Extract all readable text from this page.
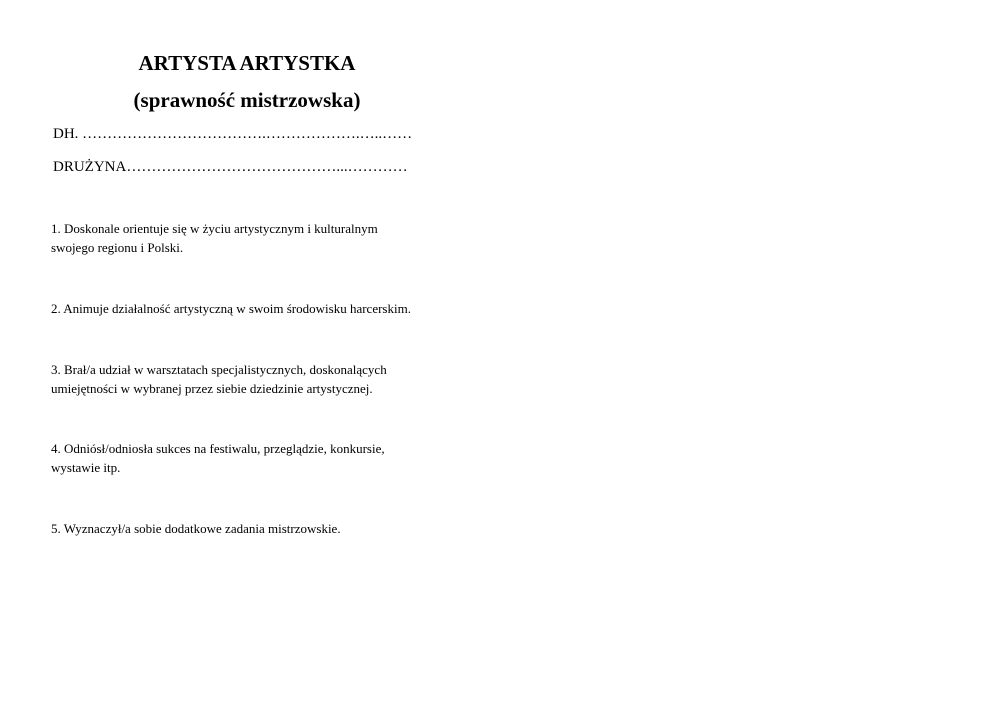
ARTYSTA ARTYSTKA
(sprawność mistrzowska)
DH. ……………………………….……………….…..……
DRUŻYNA……………………………………...…………
1. Doskonale orientuje się w życiu artystycznym i kulturalnym
swojego regionu i Polski.
2. Animuje działalność artystyczną w swoim środowisku harcerskim.
3. Brał/a udział w warsztatach specjalistycznych, doskonalących
umiejętności w wybranej przez siebie dziedzinie artystycznej.
4. Odniósł/odniosła sukces na festiwalu, przeglądzie, konkursie,
wystawie itp.
5. Wyznaczył/a sobie dodatkowe zadania mistrzowskie.
